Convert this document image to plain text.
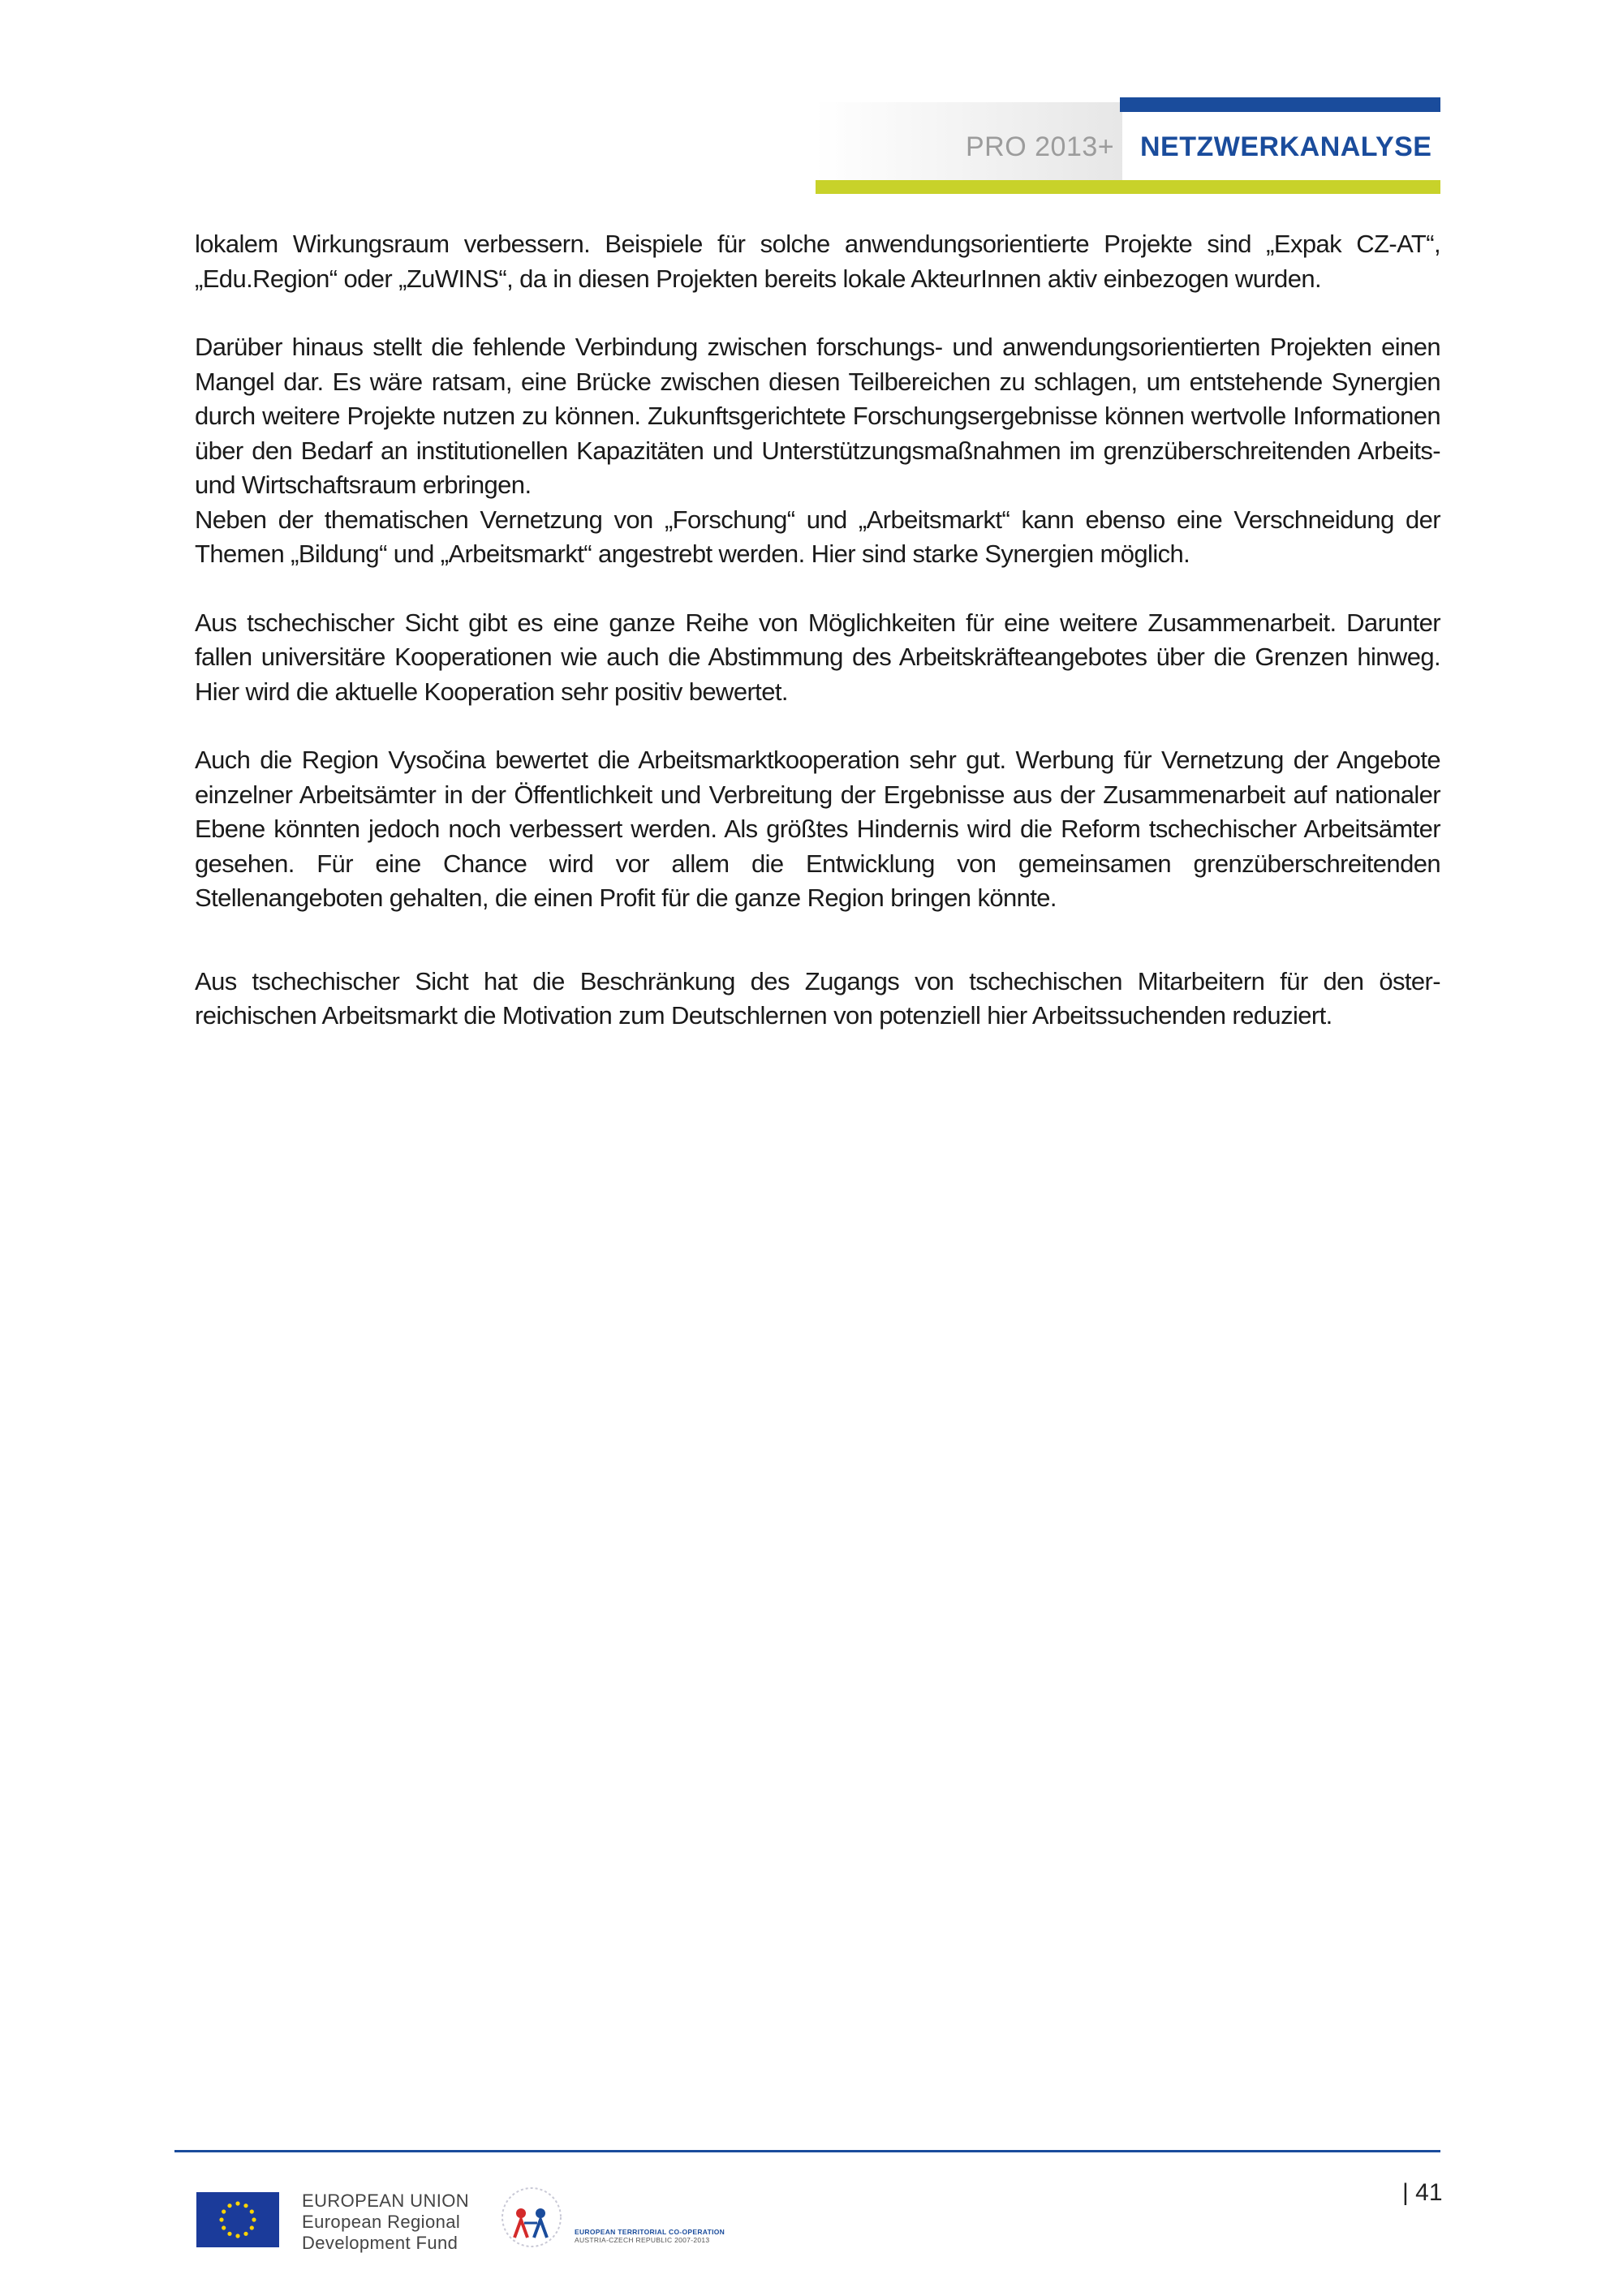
PRO 2013+ NETZWERKANALYSE

lokalem Wirkungsraum verbessern. Beispiele für solche anwendungsorientierte Projekte sind „Expak CZ-AT“, „Edu.Region“ oder „ZuWINS“, da in diesen Projekten bereits lokale AkteurInnen aktiv einbezogen wurden.

Darüber hinaus stellt die fehlende Verbindung zwischen forschungs- und anwendungsorientierten Projekten einen Mangel dar. Es wäre ratsam, eine Brücke zwischen diesen Teilbereichen zu schlagen, um entstehende Synergien durch weitere Projekte nutzen zu können. Zukunftsgerichtete Forschungsergebnisse können wertvolle Informationen über den Bedarf an institutionellen Kapazitäten und Unterstützungsmaßnahmen im grenzüberschreitenden Arbeits- und Wirtschaftsraum erbringen.

Neben der thematischen Vernetzung von „Forschung“ und „Arbeitsmarkt“ kann ebenso eine Verschneidung der Themen „Bildung“ und „Arbeitsmarkt“ angestrebt werden. Hier sind starke Synergien möglich.

Aus tschechischer Sicht gibt es eine ganze Reihe von Möglichkeiten für eine weitere Zusammenarbeit. Darunter fallen universitäre Kooperationen wie auch die Abstimmung des Arbeitskräfteangebotes über die Grenzen hinweg. Hier wird die aktuelle Kooperation sehr positiv bewertet.

Auch die Region Vysočina bewertet die Arbeitsmarktkooperation sehr gut. Werbung für Vernetzung der Angebote einzelner Arbeitsämter in der Öffentlichkeit und Verbreitung der Ergebnisse aus der Zusammenarbeit auf nationaler Ebene könnten jedoch noch verbessert werden. Als größtes Hindernis wird die Reform tschechischer Arbeitsämter gesehen. Für eine Chance wird vor allem die Entwicklung von gemeinsamen grenzüberschreitenden Stellenangeboten gehalten, die einen Profit für die ganze Region bringen könnte.

Aus tschechischer Sicht hat die Beschränkung des Zugangs von tschechischen Mitarbeitern für den öster-reichischen Arbeitsmarkt die Motivation zum Deutschlernen von potenziell hier Arbeitssuchenden reduziert.

EUROPEAN UNION
European Regional
Development Fund
EUROPEAN TERRITORIAL CO-OPERATION
AUSTRIA-CZECH REPUBLIC 2007-2013
| 41
